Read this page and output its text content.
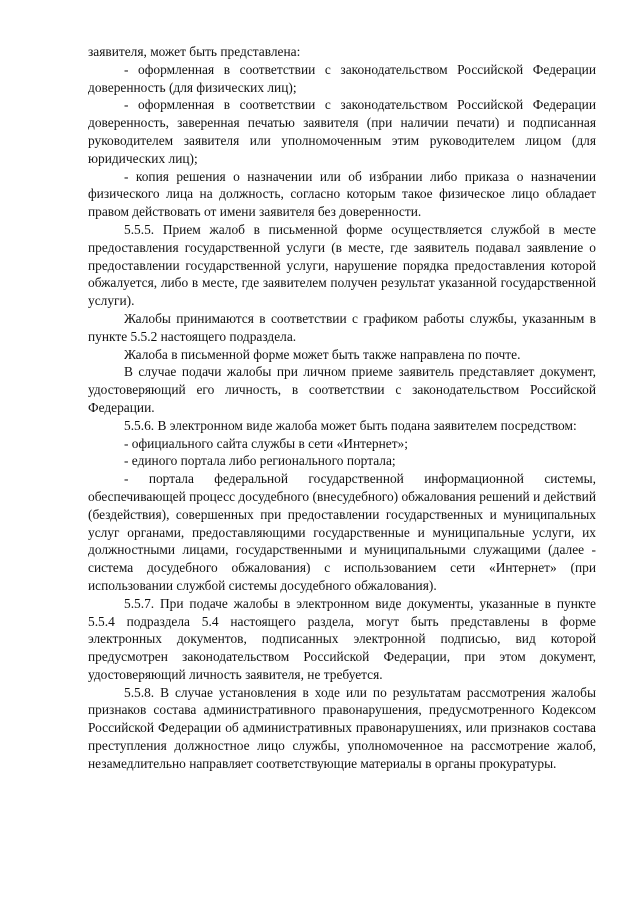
заявителя, может быть представлена:

- оформленная в соответствии с законодательством Российской Федерации доверенность (для физических лиц);

- оформленная в соответствии с законодательством Российской Федерации доверенность, заверенная печатью заявителя (при наличии печати) и подписанная руководителем заявителя или уполномоченным этим руководителем лицом (для юридических лиц);

- копия решения о назначении или об избрании либо приказа о назначении физического лица на должность, согласно которым такое физическое лицо обладает правом действовать от имени заявителя без доверенности.

5.5.5. Прием жалоб в письменной форме осуществляется службой в месте предоставления государственной услуги (в месте, где заявитель подавал заявление о предоставлении государственной услуги, нарушение порядка предоставления которой обжалуется, либо в месте, где заявителем получен результат указанной государственной услуги).

Жалобы принимаются в соответствии с графиком работы службы, указанным в пункте 5.5.2 настоящего подраздела.

Жалоба в письменной форме может быть также направлена по почте.

В случае подачи жалобы при личном приеме заявитель представляет документ, удостоверяющий его личность, в соответствии с законодательством Российской Федерации.

5.5.6. В электронном виде жалоба может быть подана заявителем посредством:

- официального сайта службы в сети «Интернет»;

- единого портала либо регионального портала;

- портала федеральной государственной информационной системы, обеспечивающей процесс досудебного (внесудебного) обжалования решений и действий (бездействия), совершенных при предоставлении государственных и муниципальных услуг органами, предоставляющими государственные и муниципальные услуги, их должностными лицами, государственными и муниципальными служащими (далее - система досудебного обжалования) с использованием сети «Интернет» (при использовании службой системы досудебного обжалования).

5.5.7. При подаче жалобы в электронном виде документы, указанные в пункте 5.5.4 подраздела 5.4 настоящего раздела, могут быть представлены в форме электронных документов, подписанных электронной подписью, вид которой предусмотрен законодательством Российской Федерации, при этом документ, удостоверяющий личность заявителя, не требуется.

5.5.8. В случае установления в ходе или по результатам рассмотрения жалобы признаков состава административного правонарушения, предусмотренного Кодексом Российской Федерации об административных правонарушениях, или признаков состава преступления должностное лицо службы, уполномоченное на рассмотрение жалоб, незамедлительно направляет соответствующие материалы в органы прокуратуры.
